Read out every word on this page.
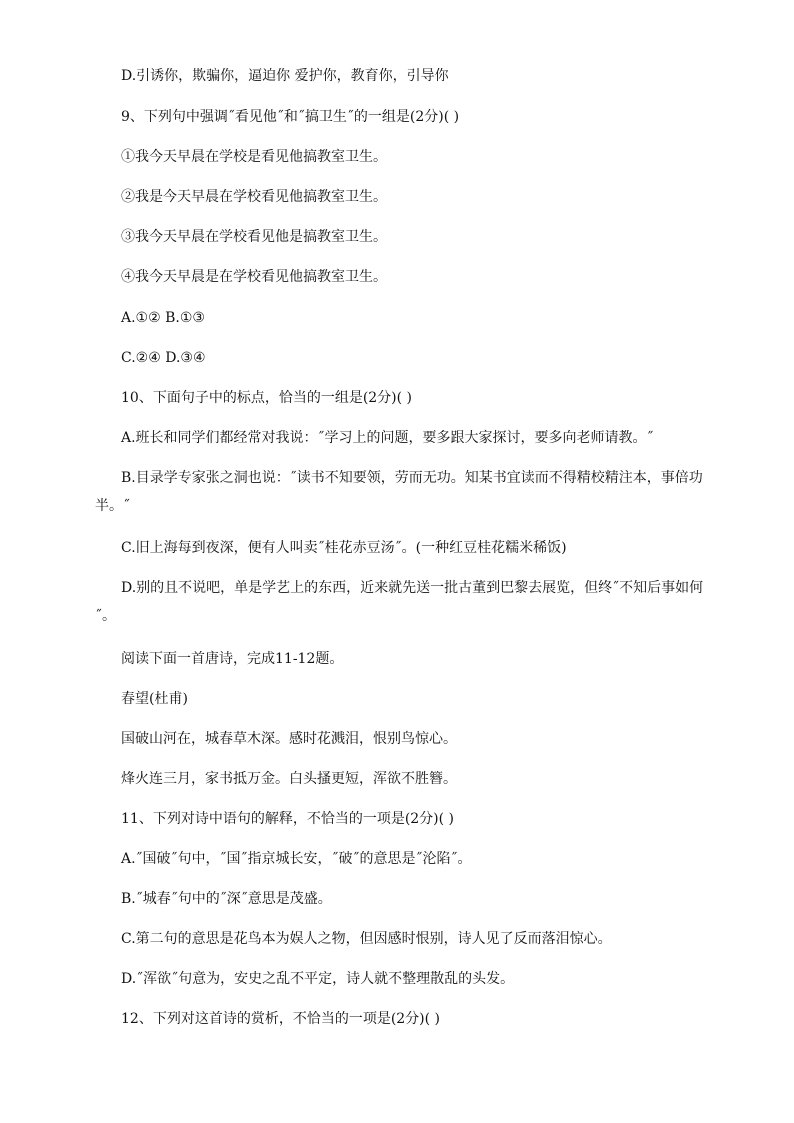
D.引诱你，欺骗你，逼迫你 爱护你，教育你，引导你

9、下列句中强调˝看见他˝和˝搞卫生˝的一组是(2分)( )

①我今天早晨在学校是看见他搞教室卫生。

②我是今天早晨在学校看见他搞教室卫生。

③我今天早晨在学校看见他是搞教室卫生。

④我今天早晨是在学校看见他搞教室卫生。

A.①② B.①③

C.②④ D.③④

10、下面句子中的标点，恰当的一组是(2分)( )

A.班长和同学们都经常对我说：˝学习上的问题，要多跟大家探讨，要多向老师请教。˝

B.目录学专家张之洞也说：˝读书不知要领，劳而无功。知某书宜读而不得精校精注本，事倍功半。˝

C.旧上海每到夜深，便有人叫卖˝桂花赤豆汤˝。(一种红豆桂花糯米稀饭)

D.别的且不说吧，单是学艺上的东西，近来就先送一批古董到巴黎去展览，但终˝不知后事如何˝。

阅读下面一首唐诗，完成11-12题。

春望(杜甫)

国破山河在，城春草木深。感时花溅泪，恨别鸟惊心。

烽火连三月，家书抵万金。白头搔更短，浑欲不胜簪。

11、下列对诗中语句的解释，不恰当的一项是(2分)( )

A.˝国破˝句中，˝国˝指京城长安，˝破˝的意思是˝沦陷˝。

B.˝城春˝句中的˝深˝意思是茂盛。

C.第二句的意思是花鸟本为娱人之物，但因感时恨别，诗人见了反而落泪惊心。

D.˝浑欲˝句意为，安史之乱不平定，诗人就不整理散乱的头发。

12、下列对这首诗的赏析，不恰当的一项是(2分)( )
